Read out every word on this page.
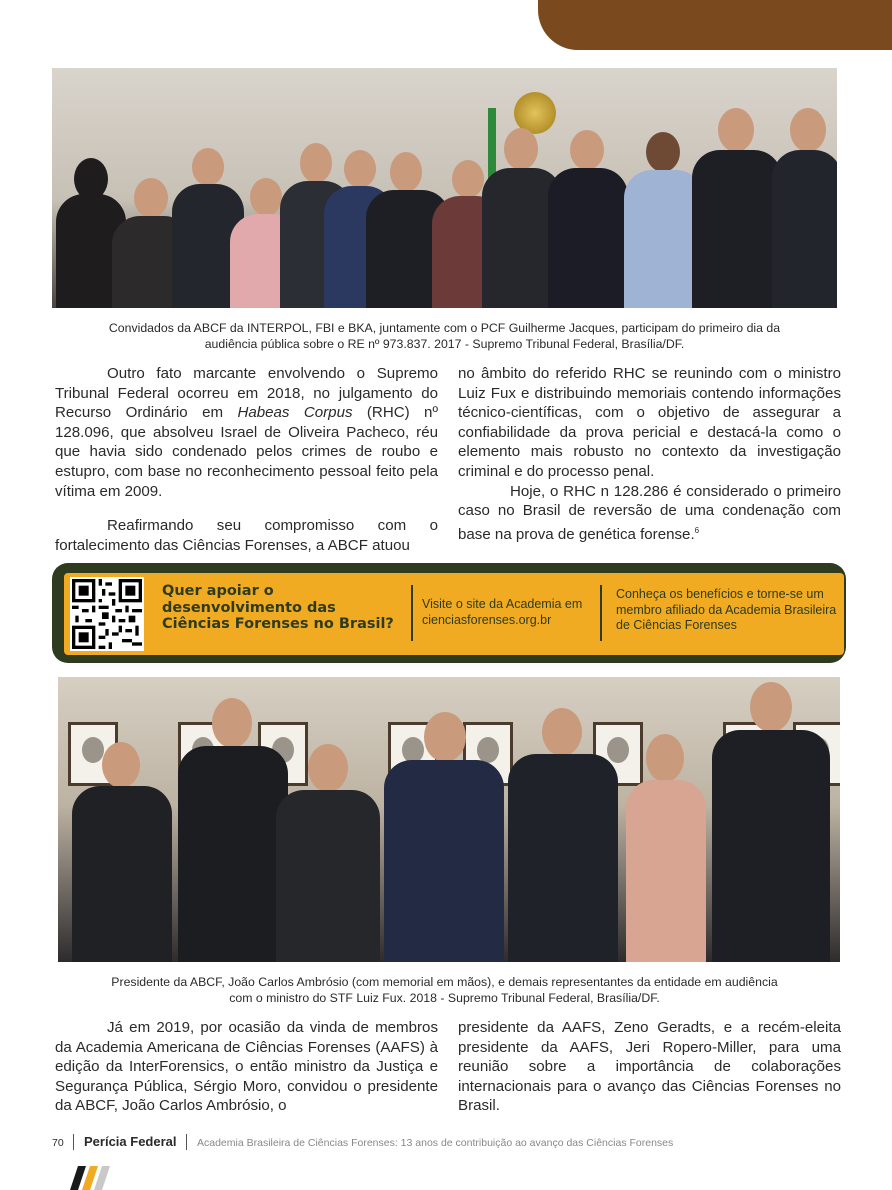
Convidados da ABCF da INTERPOL, FBI e BKA, juntamente com o PCF Guilherme Jacques, participam do primeiro dia da
audiência pública sobre o RE nº 973.837. 2017 - Supremo Tribunal Federal, Brasília/DF.

Outro fato marcante envolvendo o Supremo Tribunal Federal ocorreu em 2018, no julgamento do Recurso Ordinário em Habeas Corpus (RHC) nº 128.096, que absolveu Israel de Oliveira Pacheco, réu que havia sido condenado pelos crimes de roubo e estupro, com base no reconhecimento pessoal feito pela vítima em 2009.

Reafirmando seu compromisso com o fortalecimento das Ciências Forenses, a ABCF atuou

no âmbito do referido RHC se reunindo com o ministro Luiz Fux e distribuindo memoriais contendo informações técnico-científicas, com o objetivo de assegurar a confiabilidade da prova pericial e destacá-la como o elemento mais robusto no contexto da investigação criminal e do processo penal.

Hoje, o RHC n 128.286 é considerado o primeiro caso no Brasil de reversão de uma condenação com base na prova de genética forense.$^6$

Quer apoiar o desenvolvimento das Ciências Forenses no Brasil?
Visite o site da Academia em
cienciasforenses.org.br
Conheça os benefícios e torne-se um membro afiliado da Academia Brasileira de Ciências Forenses
Presidente da ABCF, João Carlos Ambrósio (com memorial em mãos), e demais representantes da entidade em audiência
com o ministro do STF Luiz Fux. 2018 - Supremo Tribunal Federal, Brasília/DF.

Já em 2019, por ocasião da vinda de membros da Academia Americana de Ciências Forenses (AAFS) à edição da InterForensics, o então ministro da Justiça e Segurança Pública, Sérgio Moro, convidou o presidente da ABCF, João Carlos Ambrósio, o

presidente da AAFS, Zeno Geradts, e a recém-eleita presidente da AAFS, Jeri Ropero-Miller, para uma reunião sobre a importância de colaborações internacionais para o avanço das Ciências Forenses no Brasil.

70 Perícia Federal Academia Brasileira de Ciências Forenses: 13 anos de contribuição ao avanço das Ciências Forenses
